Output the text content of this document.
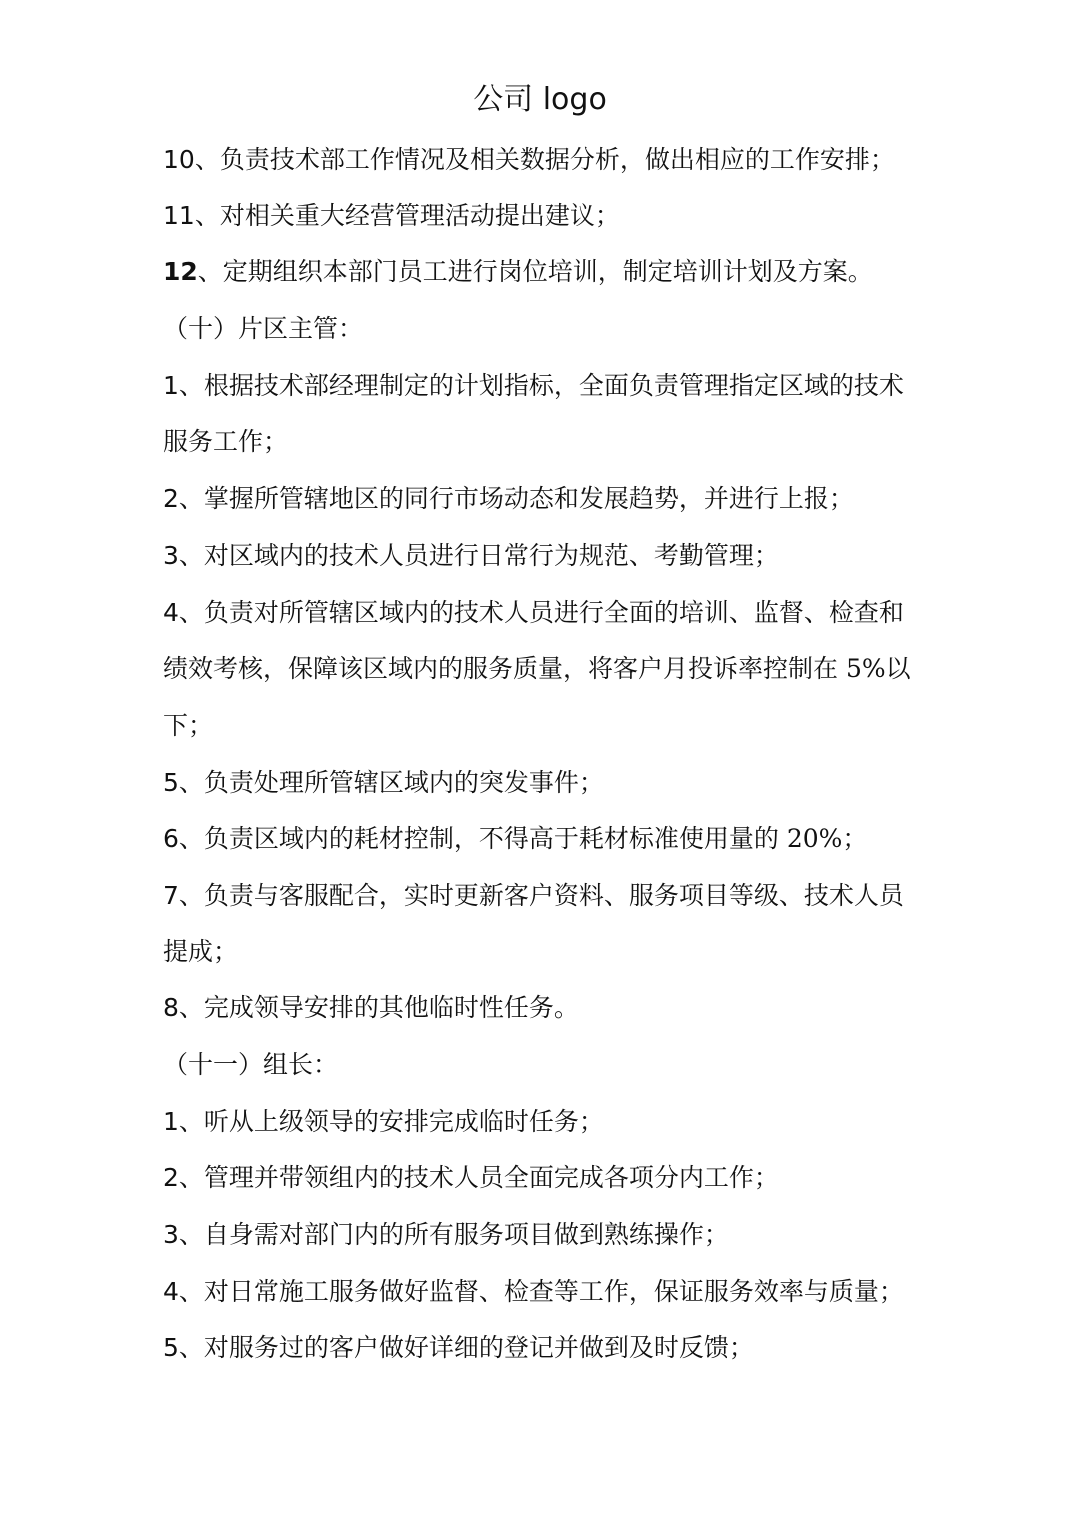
公司 logo
10、负责技术部工作情况及相关数据分析，做出相应的工作安排；
11、对相关重大经营管理活动提出建议；
12、定期组织本部门员工进行岗位培训，制定培训计划及方案。
（十）片区主管：
1、根据技术部经理制定的计划指标，全面负责管理指定区域的技术
服务工作；
2、掌握所管辖地区的同行市场动态和发展趋势，并进行上报；
3、对区域内的技术人员进行日常行为规范、考勤管理；
4、负责对所管辖区域内的技术人员进行全面的培训、监督、检查和
绩效考核，保障该区域内的服务质量，将客户月投诉率控制在 5%以
下；
5、负责处理所管辖区域内的突发事件；
6、负责区域内的耗材控制，不得高于耗材标准使用量的 20%；
7、负责与客服配合，实时更新客户资料、服务项目等级、技术人员
提成；
8、完成领导安排的其他临时性任务。
（十一）组长：
1、听从上级领导的安排完成临时任务；
2、管理并带领组内的技术人员全面完成各项分内工作；
3、自身需对部门内的所有服务项目做到熟练操作；
4、对日常施工服务做好监督、检查等工作，保证服务效率与质量；
5、对服务过的客户做好详细的登记并做到及时反馈；
